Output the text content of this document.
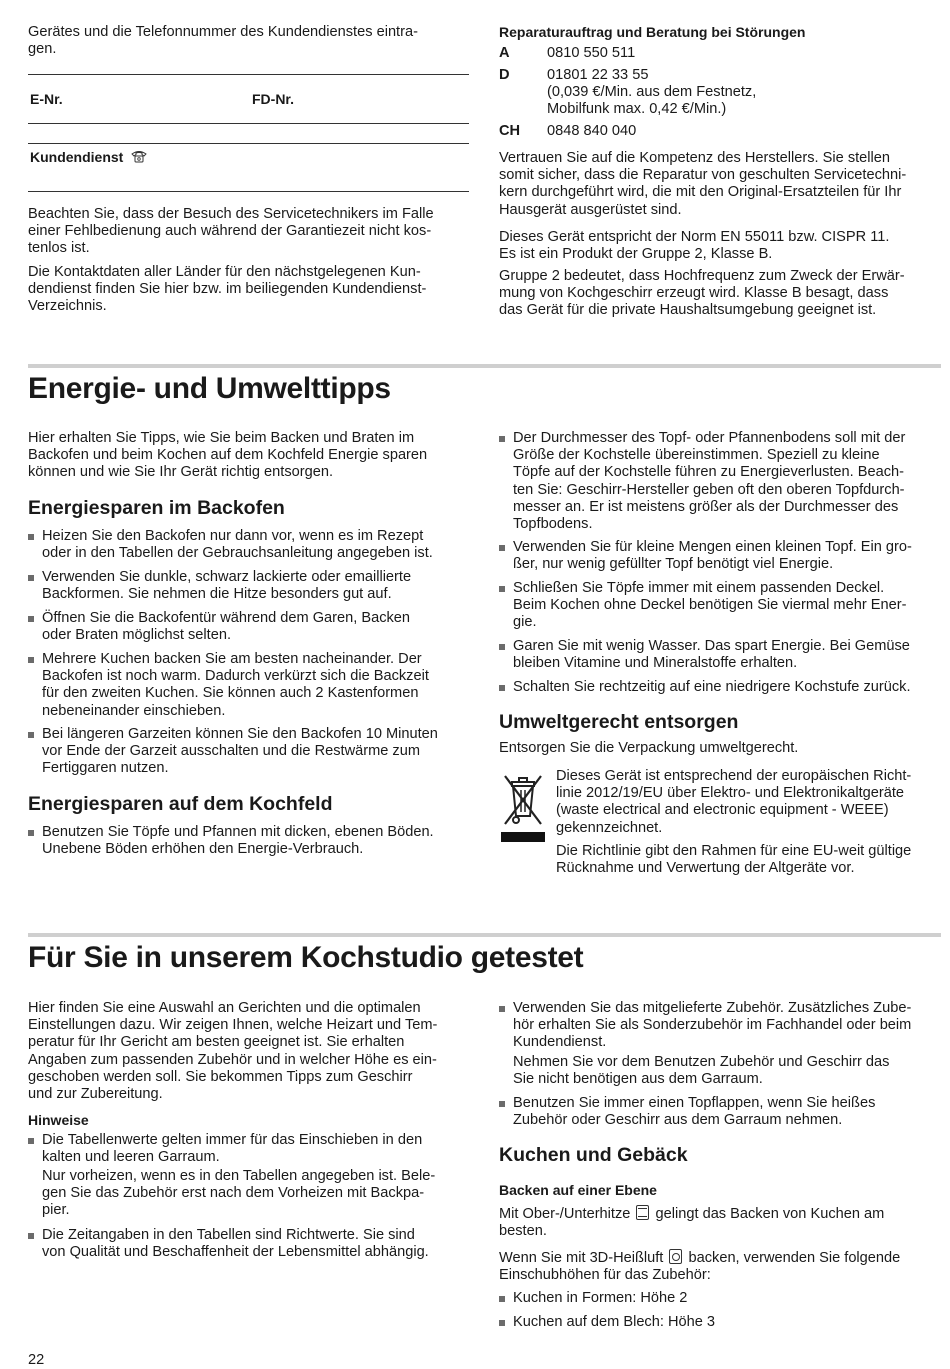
Gerätes und die Telefonnummer des Kundendienstes eintra-
gen.

E-Nr.	FD-Nr.
Kundendienst

Beachten Sie, dass der Besuch des Servicetechnikers im Falle
einer Fehlbedienung auch während der Garantiezeit nicht kos-
tenlos ist.

Die Kontaktdaten aller Länder für den nächstgelegenen Kun-
dendienst finden Sie hier bzw. im beiliegenden Kundendienst-
Verzeichnis.

Reparaturauftrag und Beratung bei Störungen
A	0810 550 511
D	01801 22 33 55
(0,039 €/Min. aus dem Festnetz,
Mobilfunk max. 0,42 €/Min.)
CH 0848 840 040

Vertrauen Sie auf die Kompetenz des Herstellers. Sie stellen
somit sicher, dass die Reparatur von geschulten Servicetechni-
kern durchgeführt wird, die mit den Original-Ersatzteilen für Ihr
Hausgerät ausgerüstet sind.

Dieses Gerät entspricht der Norm EN 55011 bzw. CISPR 11.
Es ist ein Produkt der Gruppe 2, Klasse B.

Gruppe 2 bedeutet, dass Hochfrequenz zum Zweck der Erwär-
mung von Kochgeschirr erzeugt wird. Klasse B besagt, dass
das Gerät für die private Haushaltsumgebung geeignet ist.

Energie- und Umwelttipps

Hier erhalten Sie Tipps, wie Sie beim Backen und Braten im
Backofen und beim Kochen auf dem Kochfeld Energie sparen
können und wie Sie Ihr Gerät richtig entsorgen.

Energiesparen im Backofen
Heizen Sie den Backofen nur dann vor, wenn es im Rezept
oder in den Tabellen der Gebrauchsanleitung angegeben ist.
Verwenden Sie dunkle, schwarz lackierte oder emaillierte
Backformen. Sie nehmen die Hitze besonders gut auf.
Öffnen Sie die Backofentür während dem Garen, Backen
oder Braten möglichst selten.
Mehrere Kuchen backen Sie am besten nacheinander. Der
Backofen ist noch warm. Dadurch verkürzt sich die Backzeit
für den zweiten Kuchen. Sie können auch 2 Kastenformen
nebeneinander einschieben.
Bei längeren Garzeiten können Sie den Backofen 10 Minuten
vor Ende der Garzeit ausschalten und die Restwärme zum
Fertiggaren nutzen.
Energiesparen auf dem Kochfeld
Benutzen Sie Töpfe und Pfannen mit dicken, ebenen Böden.
Unebene Böden erhöhen den Energie-Verbrauch.
Der Durchmesser des Topf- oder Pfannenbodens soll mit der
Größe der Kochstelle übereinstimmen. Speziell zu kleine
Töpfe auf der Kochstelle führen zu Energieverlusten. Beach-
ten Sie: Geschirr-Hersteller geben oft den oberen Topfdurch-
messer an. Er ist meistens größer als der Durchmesser des
Topfbodens.
Verwenden Sie für kleine Mengen einen kleinen Topf. Ein gro-
ßer, nur wenig gefüllter Topf benötigt viel Energie.
Schließen Sie Töpfe immer mit einem passenden Deckel.
Beim Kochen ohne Deckel benötigen Sie viermal mehr Ener-
gie.
Garen Sie mit wenig Wasser. Das spart Energie. Bei Gemüse
bleiben Vitamine und Mineralstoffe erhalten.
Schalten Sie rechtzeitig auf eine niedrigere Kochstufe zurück.
Umweltgerecht entsorgen

Entsorgen Sie die Verpackung umweltgerecht.

Dieses Gerät ist entsprechend der europäischen Richt-
linie 2012/19/EU über Elektro- und Elektronikaltgeräte
(waste electrical and electronic equipment - WEEE)
gekennzeichnet.

Die Richtlinie gibt den Rahmen für eine EU-weit gültige
Rücknahme und Verwertung der Altgeräte vor.

Für Sie in unserem Kochstudio getestet

Hier finden Sie eine Auswahl an Gerichten und die optimalen
Einstellungen dazu. Wir zeigen Ihnen, welche Heizart und Tem-
peratur für Ihr Gericht am besten geeignet ist. Sie erhalten
Angaben zum passenden Zubehör und in welcher Höhe es ein-
geschoben werden soll. Sie bekommen Tipps zum Geschirr
und zur Zubereitung.

Hinweise
Die Tabellenwerte gelten immer für das Einschieben in den
kalten und leeren Garraum.

Nur vorheizen, wenn es in den Tabellen angegeben ist. Bele-
gen Sie das Zubehör erst nach dem Vorheizen mit Backpa-
pier.

Die Zeitangaben in den Tabellen sind Richtwerte. Sie sind
von Qualität und Beschaffenheit der Lebensmittel abhängig.
Verwenden Sie das mitgelieferte Zubehör. Zusätzliches Zube-
hör erhalten Sie als Sonderzubehör im Fachhandel oder beim
Kundendienst.

Nehmen Sie vor dem Benutzen Zubehör und Geschirr das
Sie nicht benötigen aus dem Garraum.

Benutzen Sie immer einen Topflappen, wenn Sie heißes
Zubehör oder Geschirr aus dem Garraum nehmen.
Kuchen und Gebäck
Backen auf einer Ebene
Mit Ober-/Unterhitze gelingt das Backen von Kuchen am
besten.
Wenn Sie mit 3D-Heißluft backen, verwenden Sie folgende
Einschubhöhen für das Zubehör:
Kuchen in Formen: Höhe 2
Kuchen auf dem Blech: Höhe 3
22
